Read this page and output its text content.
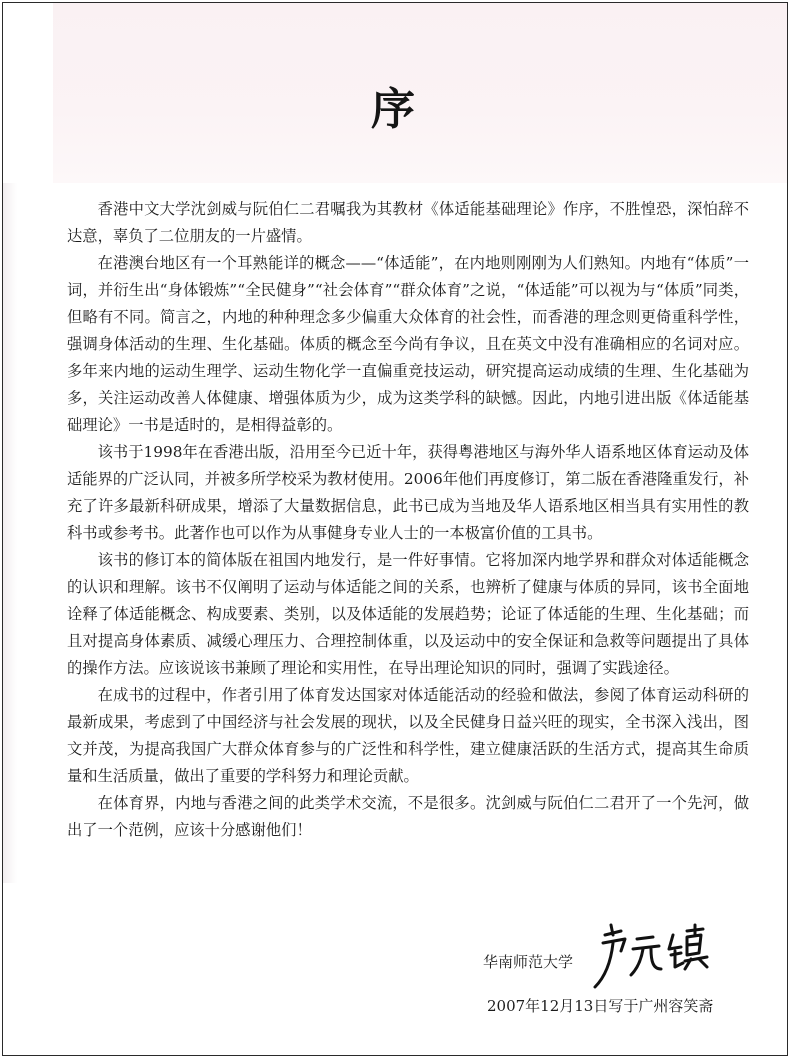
序

香港中文大学沈剑威与阮伯仁二君嘱我为其教材《体适能基础理论》作序，不胜惶恐，深怕辞不达意，辜负了二位朋友的一片盛情。

在港澳台地区有一个耳熟能详的概念——“体适能”，在内地则刚刚为人们熟知。内地有“体质”一词，并衍生出“身体锻炼”“全民健身”“社会体育”“群众体育”之说，“体适能”可以视为与“体质”同类，但略有不同。简言之，内地的种种理念多少偏重大众体育的社会性，而香港的理念则更倚重科学性，强调身体活动的生理、生化基础。体质的概念至今尚有争议，且在英文中没有准确相应的名词对应。多年来内地的运动生理学、运动生物化学一直偏重竞技运动，研究提高运动成绩的生理、生化基础为多，关注运动改善人体健康、增强体质为少，成为这类学科的缺憾。因此，内地引进出版《体适能基础理论》一书是适时的，是相得益彰的。

该书于1998年在香港出版，沿用至今已近十年，获得粤港地区与海外华人语系地区体育运动及体适能界的广泛认同，并被多所学校采为教材使用。2006年他们再度修订，第二版在香港隆重发行，补充了许多最新科研成果，增添了大量数据信息，此书已成为当地及华人语系地区相当具有实用性的教科书或参考书。此著作也可以作为从事健身专业人士的一本极富价值的工具书。

该书的修订本的简体版在祖国内地发行，是一件好事情。它将加深内地学界和群众对体适能概念的认识和理解。该书不仅阐明了运动与体适能之间的关系，也辨析了健康与体质的异同，该书全面地诠释了体适能概念、构成要素、类别，以及体适能的发展趋势；论证了体适能的生理、生化基础；而且对提高身体素质、减缓心理压力、合理控制体重，以及运动中的安全保证和急救等问题提出了具体的操作方法。应该说该书兼顾了理论和实用性，在导出理论知识的同时，强调了实践途径。

在成书的过程中，作者引用了体育发达国家对体适能活动的经验和做法，参阅了体育运动科研的最新成果，考虑到了中国经济与社会发展的现状，以及全民健身日益兴旺的现实，全书深入浅出，图文并茂，为提高我国广大群众体育参与的广泛性和科学性，建立健康活跃的生活方式，提高其生命质量和生活质量，做出了重要的学科努力和理论贡献。

在体育界，内地与香港之间的此类学术交流，不是很多。沈剑威与阮伯仁二君开了一个先河，做出了一个范例，应该十分感谢他们！

华南师范大学
2007年12月13日写于广州容笑斋
